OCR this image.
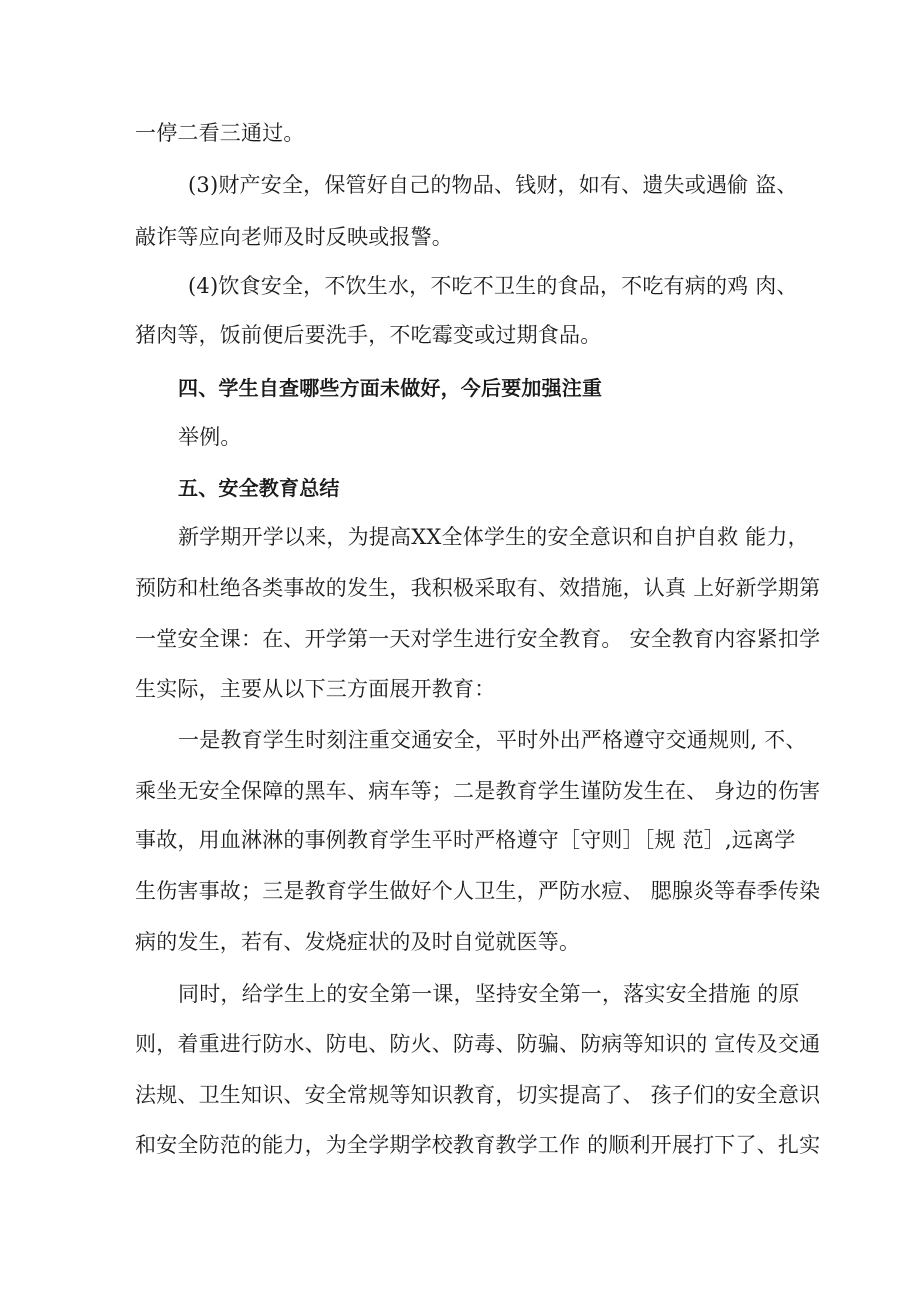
一停二看三通过。
(3)财产安全，保管好自己的物品、钱财，如有、遗失或遇偷 盗、
敲诈等应向老师及时反映或报警。
(4)饮食安全，不饮生水，不吃不卫生的食品，不吃有病的鸡 肉、
猪肉等，饭前便后要洗手，不吃霉变或过期食品。
四、学生自查哪些方面未做好，今后要加强注重
举例。
五、安全教育总结
新学期开学以来，为提高XX全体学生的安全意识和自护自救 能力，
预防和杜绝各类事故的发生，我积极采取有、效措施，认真 上好新学期第
一堂安全课：在、开学第一天对学生进行安全教育。 安全教育内容紧扣学
生实际，主要从以下三方面展开教育：
一是教育学生时刻注重交通安全，平时外出严格遵守交通规则, 不、
乘坐无安全保障的黑车、病车等；二是教育学生谨防发生在、 身边的伤害
事故，用血淋淋的事例教育学生平时严格遵守［守则］［规 范］,远离学
生伤害事故；三是教育学生做好个人卫生，严防水痘、 腮腺炎等春季传染
病的发生，若有、发烧症状的及时自觉就医等。
同时，给学生上的安全第一课，坚持安全第一，落实安全措施 的原
则，着重进行防水、防电、防火、防毒、防骗、防病等知识的 宣传及交通
法规、卫生知识、安全常规等知识教育，切实提高了、 孩子们的安全意识
和安全防范的能力，为全学期学校教育教学工作 的顺利开展打下了、扎实
